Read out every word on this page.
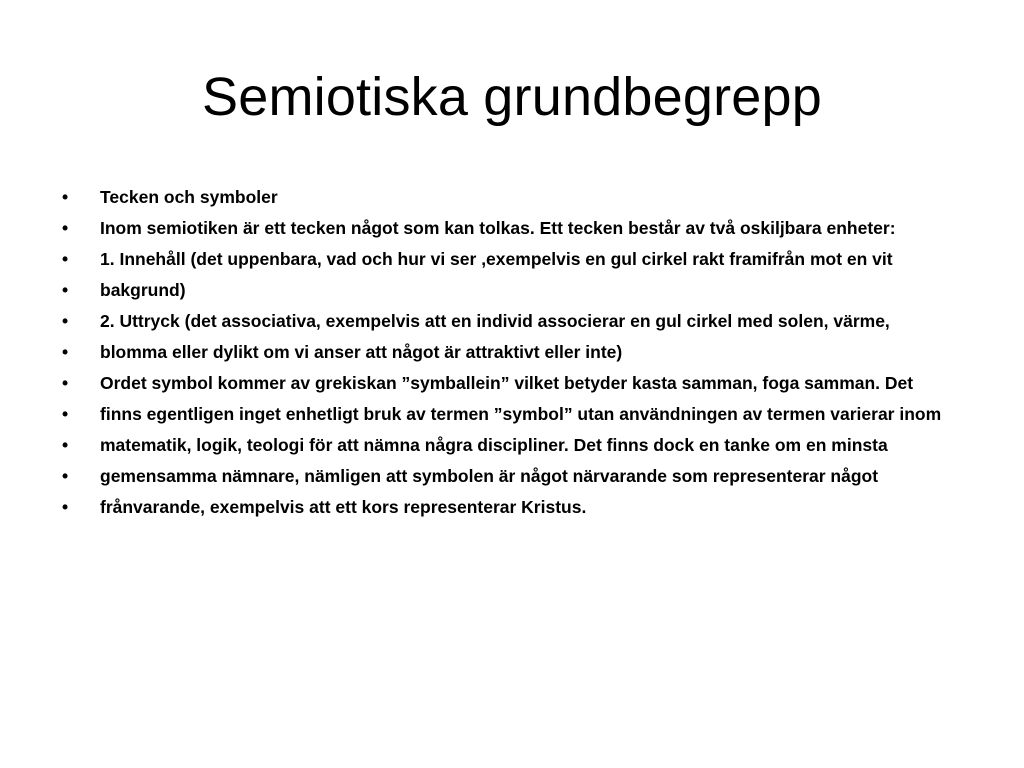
Semiotiska grundbegrepp
•	Tecken och symboler
•	Inom semiotiken är ett tecken något som kan tolkas. Ett tecken består av två oskiljbara enheter:
•	1. Innehåll (det uppenbara, vad och hur vi ser ,exempelvis en gul cirkel rakt framifrån mot en vit
•	bakgrund)
•	2. Uttryck (det associativa, exempelvis att en individ associerar en gul cirkel med solen, värme,
•	blomma eller dylikt om vi anser att något är attraktivt eller inte)
•	Ordet symbol kommer av grekiskan ”symballein” vilket betyder kasta samman, foga samman. Det
•	finns egentligen inget enhetligt bruk av termen ”symbol” utan användningen av termen varierar inom
•	matematik, logik, teologi för att nämna några discipliner. Det finns dock en tanke om en minsta
•	gemensamma nämnare, nämligen att symbolen är något närvarande som representerar något
•	frånvarande, exempelvis att ett kors representerar Kristus.
